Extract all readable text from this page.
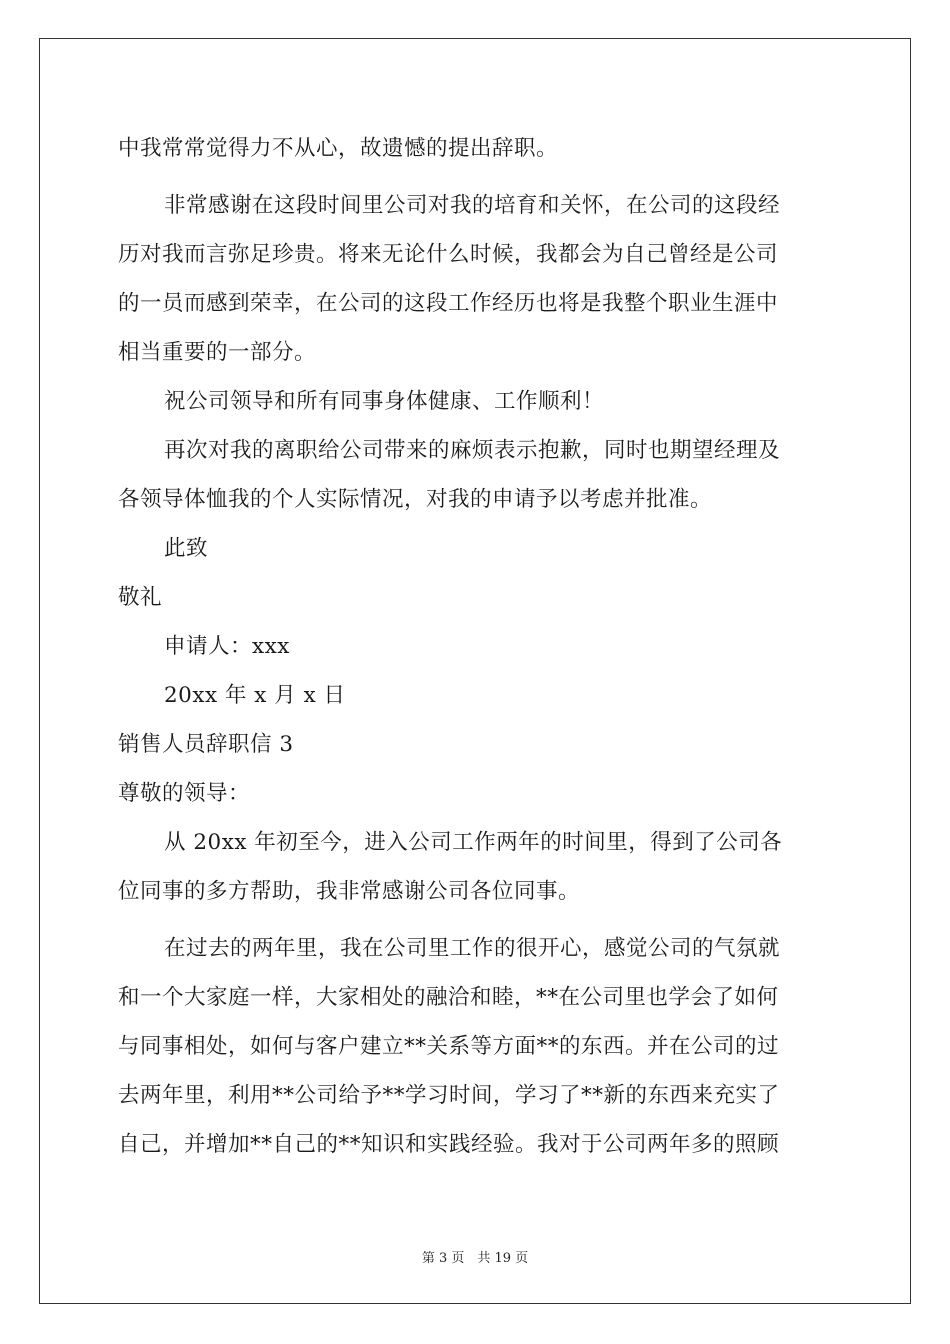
中我常常觉得力不从心，故遗憾的提出辞职。
非常感谢在这段时间里公司对我的培育和关怀，在公司的这段经
历对我而言弥足珍贵。将来无论什么时候，我都会为自己曾经是公司
的一员而感到荣幸，在公司的这段工作经历也将是我整个职业生涯中
相当重要的一部分。
祝公司领导和所有同事身体健康、工作顺利！
再次对我的离职给公司带来的麻烦表示抱歉，同时也期望经理及
各领导体恤我的个人实际情况，对我的申请予以考虑并批准。
此致
敬礼
申请人：xxx
20xx 年 x 月 x 日
销售人员辞职信 3
尊敬的领导：
从 20xx 年初至今，进入公司工作两年的时间里，得到了公司各
位同事的多方帮助，我非常感谢公司各位同事。
在过去的两年里，我在公司里工作的很开心，感觉公司的气氛就
和一个大家庭一样，大家相处的融洽和睦，**在公司里也学会了如何
与同事相处，如何与客户建立**关系等方面**的东西。并在公司的过
去两年里，利用**公司给予**学习时间，学习了**新的东西来充实了
自己，并增加**自己的**知识和实践经验。我对于公司两年多的照顾
第 3 页　共 19 页
